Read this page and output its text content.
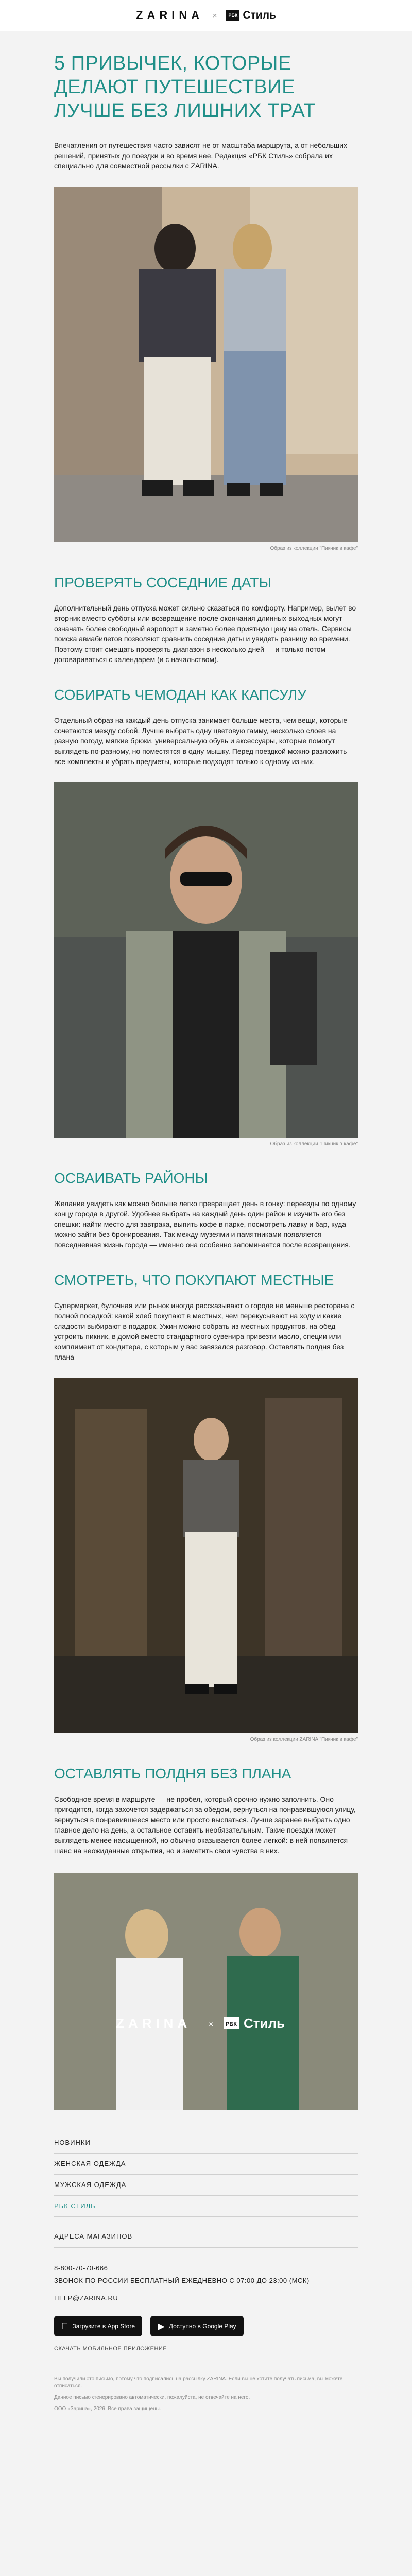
ZARINA ×	РБК Стиль
5 ПРИВЫЧЕК, КОТОРЫЕ ДЕЛАЮТ ПУТЕШЕСТВИЕ ЛУЧШЕ БЕЗ ЛИШНИХ ТРАТ

Впечатления от путешествия часто зависят не от масштаба маршрута, а от небольших решений, принятых до поездки и во время нее. Редакция «РБК Стиль» собрала их специально для совместной рассылки с ZARINA.

Образ из коллекции "Пикник в кафе"
ПРОВЕРЯТЬ СОСЕДНИЕ ДАТЫ

Дополнительный день отпуска может сильно сказаться по комфорту. Например, вылет во вторник вместо субботы или возвращение после окончания длинных выходных могут означать более свободный аэропорт и заметно более приятную цену на отель. Сервисы поиска авиабилетов позволяют сравнить соседние даты и увидеть разницу во времени. Поэтому стоит смещать проверять диапазон в несколько дней — и только потом договариваться с календарем (и с начальством).

СОБИРАТЬ ЧЕМОДАН КАК КАПСУЛУ

Отдельный образ на каждый день отпуска занимает больше места, чем вещи, которые сочетаются между собой. Лучше выбрать одну цветовую гамму, несколько слоев на разную погоду, мягкие брюки, универсальную обувь и аксессуары, которые помогут выглядеть по-разному, но поместятся в одну мышку. Перед поездкой можно разложить все комплекты и убрать предметы, которые подходят только к одному из них.

Образ из коллекции "Пикник в кафе"
ОСВАИВАТЬ РАЙОНЫ

Желание увидеть как можно больше легко превращает день в гонку: переезды по одному концу города в другой. Удобнее выбрать на каждый день один район и изучить его без спешки: найти место для завтрака, выпить кофе в парке, посмотреть лавку и бар, куда можно зайти без бронирования. Так между музеями и памятниками появляется повседневная жизнь города — именно она особенно запоминается после возвращения.

СМОТРЕТЬ, ЧТО ПОКУПАЮТ МЕСТНЫЕ

Супермаркет, булочная или рынок иногда рассказывают о городе не меньше ресторана с полной посадкой: какой хлеб покупают в местных, чем перекусывают на ходу и какие сладости выбирают в подарок. Ужин можно собрать из местных продуктов, на обед устроить пикник, в домой вместо стандартного сувенира привезти масло, специи или комплимент от кондитера, с которым у вас завязался разговор. Оставлять полдня без плана

Образ из коллекции ZARINA "Пикник в кафе"
ОСТАВЛЯТЬ ПОЛДНЯ БЕЗ ПЛАНА

Свободное время в маршруте — не пробел, который срочно нужно заполнить. Оно пригодится, когда захочется задержаться за обедом, вернуться на понравившуюся улицу, вернуться в понравившееся место или просто выспаться. Лучше заранее выбрать одно главное дело на день, а остальное оставить необязательным. Такие поездки может выглядеть менее насыщенной, но обычно оказывается более легкой: в ней появляется шанс на неожиданные открытия, но и заметить свои чувства в них.

ZARINA × РБК Стиль
НОВИНКИ
ЖЕНСКАЯ ОДЕЖДА
МУЖСКАЯ ОДЕЖДА
РБК СТИЛЬ
АДРЕСА МАГАЗИНОВ
8-800-70-70-666
ЗВОНОК ПО РОССИИ БЕСПЛАТНЫЙ ЕЖЕДНЕВНО С 07:00 ДО 23:00 (МСК)
HELP@ZARINA.RU
Загрузите в App Store ▶ Доступно в Google Play
СКАЧАТЬ МОБИЛЬНОЕ ПРИЛОЖЕНИЕ

Вы получили это письмо, потому что подписались на рассылку ZARINA. Если вы не хотите получать письма, вы можете отписаться.

Данное письмо сгенерировано автоматически, пожалуйста, не отвечайте на него.

ООО «Зарина», 2026. Все права защищены.
